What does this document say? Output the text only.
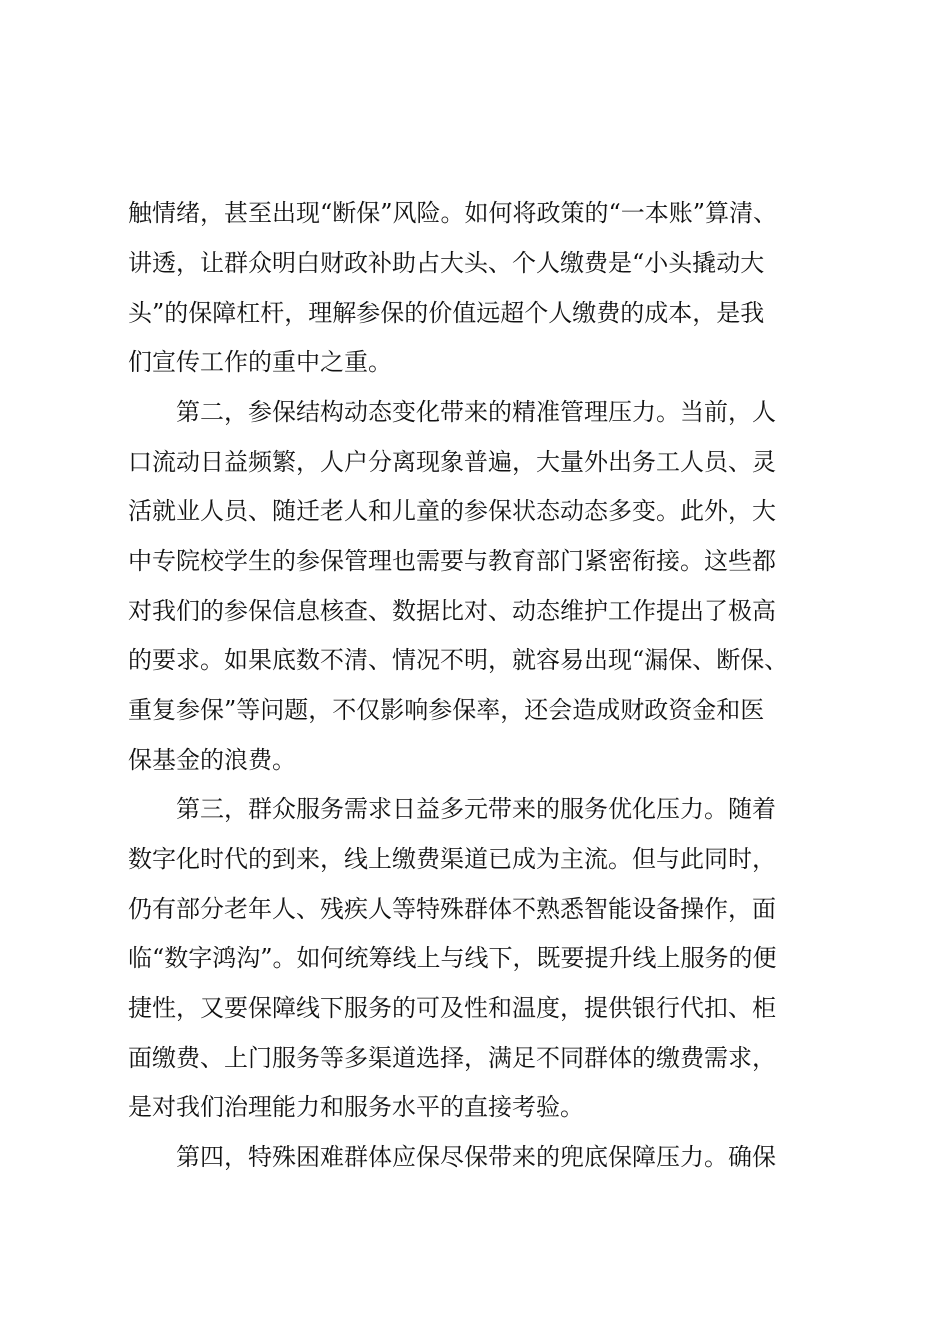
触情绪，甚至出现“断保”风险。如何将政策的“一本账”算清、

讲透，让群众明白财政补助占大头、个人缴费是“小头撬动大

头”的保障杠杆，理解参保的价值远超个人缴费的成本，是我

们宣传工作的重中之重。

第二，参保结构动态变化带来的精准管理压力。当前，人

口流动日益频繁，人户分离现象普遍，大量外出务工人员、灵

活就业人员、随迁老人和儿童的参保状态动态多变。此外，大

中专院校学生的参保管理也需要与教育部门紧密衔接。这些都

对我们的参保信息核查、数据比对、动态维护工作提出了极高

的要求。如果底数不清、情况不明，就容易出现“漏保、断保、

重复参保”等问题，不仅影响参保率，还会造成财政资金和医

保基金的浪费。

第三，群众服务需求日益多元带来的服务优化压力。随着

数字化时代的到来，线上缴费渠道已成为主流。但与此同时，

仍有部分老年人、残疾人等特殊群体不熟悉智能设备操作，面

临“数字鸿沟”。如何统筹线上与线下，既要提升线上服务的便

捷性，又要保障线下服务的可及性和温度，提供银行代扣、柜

面缴费、上门服务等多渠道选择，满足不同群体的缴费需求，

是对我们治理能力和服务水平的直接考验。

第四，特殊困难群体应保尽保带来的兜底保障压力。确保
